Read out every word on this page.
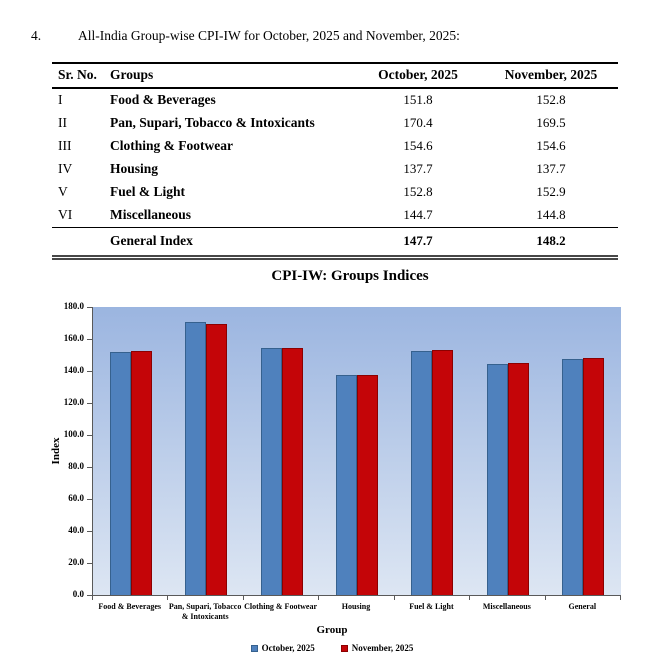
4.	All-India Group-wise CPI-IW for October, 2025 and November, 2025:
Sr. No.	Groups	October, 2025	November, 2025
I	Food & Beverages	151.8	152.8
II	Pan, Supari, Tobacco & Intoxicants	170.4	169.5
III	Clothing & Footwear	154.6	154.6
IV	Housing	137.7	137.7
V	Fuel & Light	152.8	152.9
VI	Miscellaneous	144.7	144.8
	General Index	147.7	148.2
CPI-IW: Groups Indices
Index
Group
October, 2025	November, 2025
0.0
20.0
40.0
60.0
80.0
100.0
120.0
140.0
160.0
180.0
Food & Beverages Pan, Supari, Tobacco & Intoxicants
Clothing & Footwear	Housing	Fuel & Light	Miscellaneous	General
